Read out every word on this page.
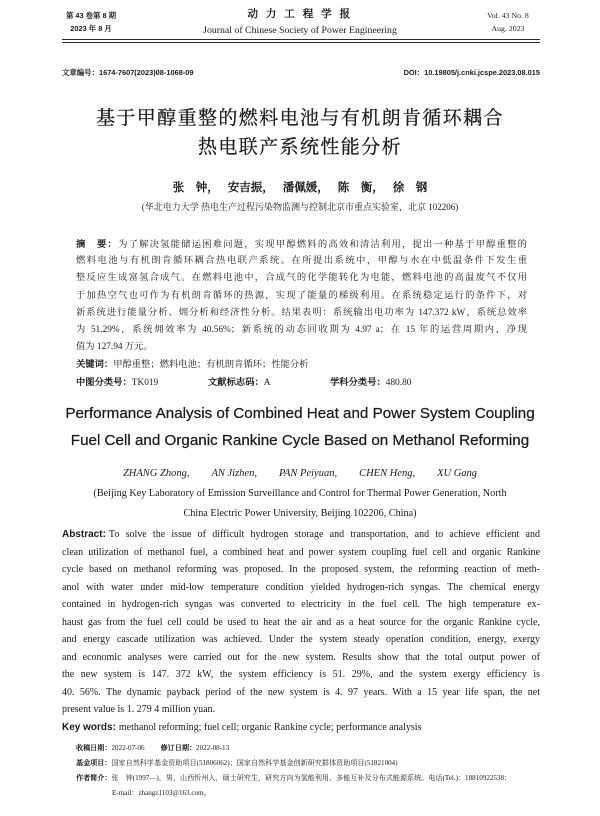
第 43 卷第 8 期
2023 年 8 月
动 力 工 程 学 报
Journal of Chinese Society of Power Engineering
Vol. 43 No. 8
Aug. 2023
文章编号：1674-7607(2023)08-1068-09	DOI：10.19805/j.cnki.jcspe.2023.08.015
基于甲醇重整的燃料电池与有机朗肯循环耦合
热电联产系统性能分析
张　钟， 安吉振， 潘佩媛， 陈　衡， 徐　钢
(华北电力大学 热电生产过程污染物监测与控制北京市重点实验室，北京 102206)
摘　要：为了解决氢能储运困难问题，实现甲醇燃料的高效和清洁利用，提出一种基于甲醇重整的
燃料电池与有机朗肯循环耦合热电联产系统。在所提出系统中，甲醇与水在中低温条件下发生重
整反应生成富氢合成气。在燃料电池中，合成气的化学能转化为电能，燃料电池的高温废气不仅用
于加热空气也可作为有机朗肯循环的热源，实现了能量的梯级利用。在系统稳定运行的条件下，对
新系统进行能量分析、㶲分析和经济性分析。结果表明：系统输出电功率为 147.372 kW，系统总效率
为 51.29%，系统㶲效率为 40.56%；新系统的动态回收期为 4.97 a；在 15 年的运营周期内，净现
值为 127.94 万元。
关键词：甲醇重整；燃料电池；有机朗肯循环；性能分析
中图分类号：TK019	文献标志码：A	学科分类号：480.80
Performance Analysis of Combined Heat and Power System Coupling
Fuel Cell and Organic Rankine Cycle Based on Methanol Reforming
ZHANG Zhong, AN Jizhen, PAN Peiyuan, CHEN Heng, XU Gang
(Beijing Key Laboratory of Emission Surveillance and Control for Thermal Power Generation, North
China Electric Power University, Beijing 102206, China)
Abstract: To solve the issue of difficult hydrogen storage and transportation, and to achieve efficient and
clean utilization of methanol fuel, a combined heat and power system coupling fuel cell and organic Rankine
cycle based on methanol reforming was proposed. In the proposed system, the reforming reaction of meth-
anol with water under mid-low temperature condition yielded hydrogen-rich syngas. The chemical energy
contained in hydrogen-rich syngas was converted to electricity in the fuel cell. The high temperature ex-
haust gas from the fuel cell could be used to heat the air and as a heat source for the organic Rankine cycle,
and energy cascade utilization was achieved. Under the system steady operation condition, energy, exergy
and economic analyses were carried out for the new system. Results show that the total output power of
the new system is 147. 372 kW, the system efficiency is 51. 29%, and the system exergy efficiency is
40. 56%. The dynamic payback period of the new system is 4. 97 years. With a 15 year life span, the net
present value is 1. 279 4 million yuan.
Key words: methanol reforming; fuel cell; organic Rankine cycle; performance analysis
收稿日期：2022-07-06 修订日期：2022-08-13
基金项目：国家自然科学基金资助项目(51806062)；国家自然科学基金创新研究群体资助项目(51821004)
作者简介：张　钟(1997—)，男，山西忻州人，硕士研究生，研究方向为氢能利用、多能互补及分布式能源系统。电话(Tel.)：18810922538；
E-mail：zhangz1103@163.com。
